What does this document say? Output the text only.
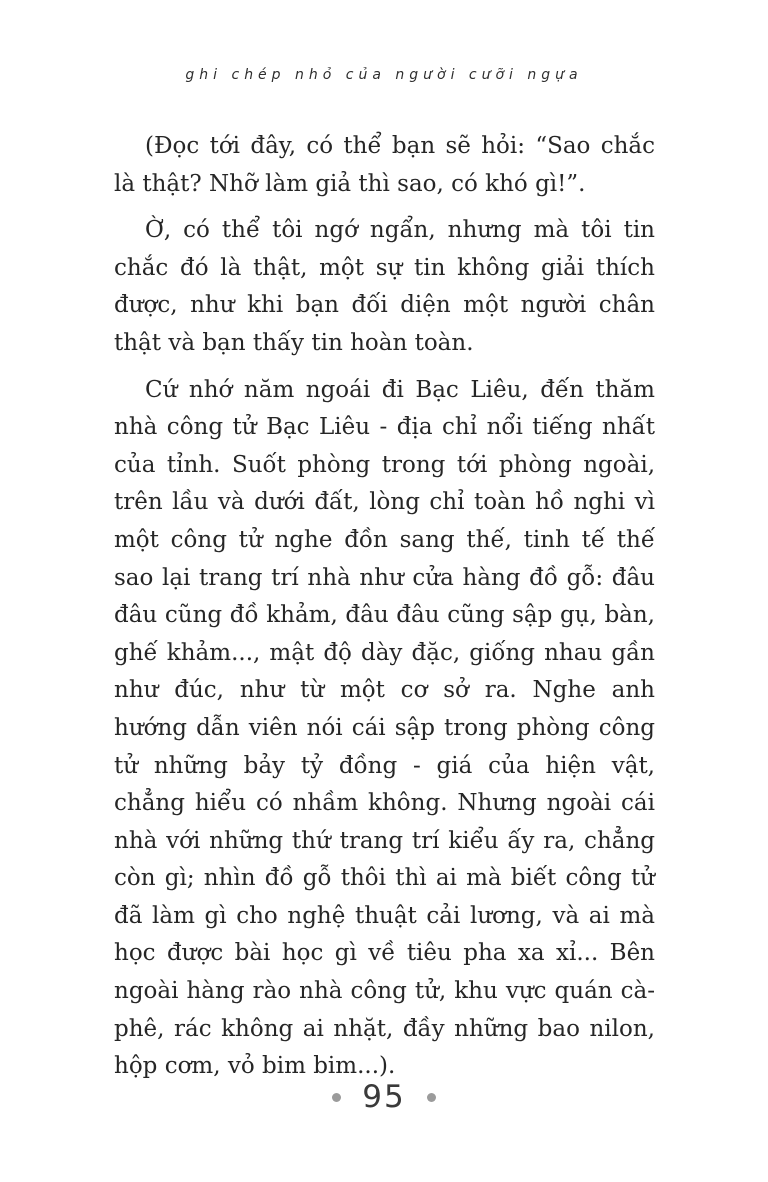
ghi chép nhỏ của người cưỡi ngựa

(Đọc tới đây, có thể bạn sẽ hỏi: “Sao chắc là thật? Nhỡ làm giả thì sao, có khó gì!”.

Ờ, có thể tôi ngớ ngẩn, nhưng mà tôi tin chắc đó là thật, một sự tin không giải thích được, như khi bạn đối diện một người chân thật và bạn thấy tin hoàn toàn.

Cứ nhớ năm ngoái đi Bạc Liêu, đến thăm nhà công tử Bạc Liêu - địa chỉ nổi tiếng nhất của tỉnh. Suốt phòng trong tới phòng ngoài, trên lầu và dưới đất, lòng chỉ toàn hồ nghi vì một công tử nghe đồn sang thế, tinh tế thế sao lại trang trí nhà như cửa hàng đồ gỗ: đâu đâu cũng đồ khảm, đâu đâu cũng sập gụ, bàn, ghế khảm..., mật độ dày đặc, giống nhau gần như đúc, như từ một cơ sở ra. Nghe anh hướng dẫn viên nói cái sập trong phòng công tử những bảy tỷ đồng - giá của hiện vật, chẳng hiểu có nhầm không. Nhưng ngoài cái nhà với những thứ trang trí kiểu ấy ra, chẳng còn gì; nhìn đồ gỗ thôi thì ai mà biết công tử đã làm gì cho nghệ thuật cải lương, và ai mà học được bài học gì về tiêu pha xa xỉ... Bên ngoài hàng rào nhà công tử, khu vực quán cà-phê, rác không ai nhặt, đầy những bao nilon, hộp cơm, vỏ bim bim...).

95
